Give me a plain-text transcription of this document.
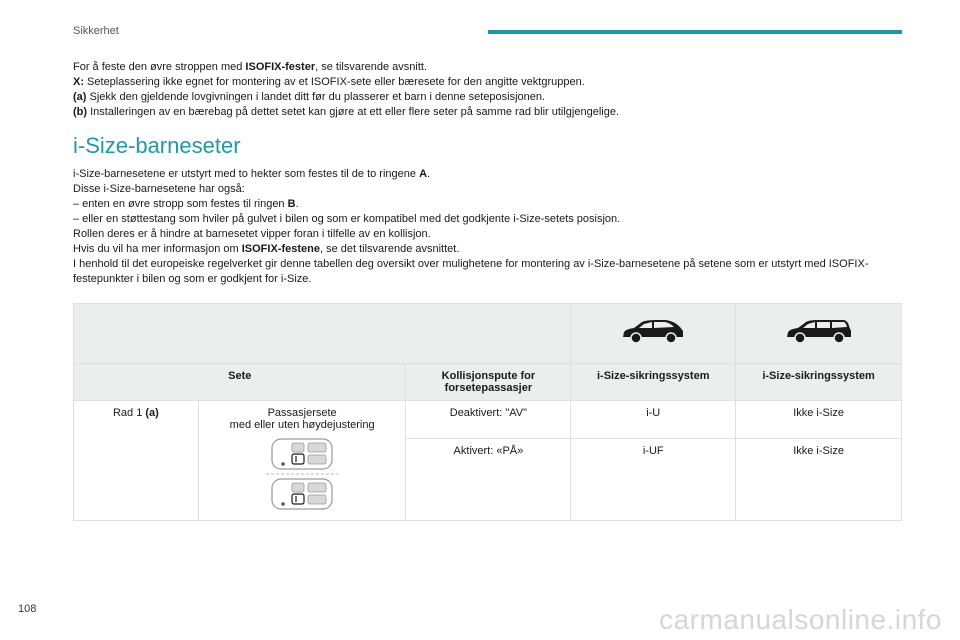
Sikkerhet

For å feste den øvre stroppen med ISOFIX-fester, se tilsvarende avsnitt.

X: Seteplassering ikke egnet for montering av et ISOFIX-sete eller bæresete for den angitte vektgruppen.

(a) Sjekk den gjeldende lovgivningen i landet ditt før du plasserer et barn i denne seteposisjonen.

(b) Installeringen av en bærebag på dettet setet kan gjøre at ett eller flere seter på samme rad blir utilgjengelige.

i-Size-barneseter

i-Size-barnesetene er utstyrt med to hekter som festes til de to ringene A.

Disse i-Size-barnesetene har også:

– enten en øvre stropp som festes til ringen B.

– eller en støttestang som hviler på gulvet i bilen og som er kompatibel med det godkjente i-Size-setets posisjon.

Rollen deres er å hindre at barnesetet vipper foran i tilfelle av en kollisjon.

Hvis du vil ha mer informasjon om ISOFIX-festene, se det tilsvarende avsnittet.

I henhold til det europeiske regelverket gir denne tabellen deg oversikt over mulighetene for montering av i-Size-barnesetene på setene som er utstyrt med ISOFIX-festepunkter i bilen og som er godkjent for i-Size.

Sete		Kollisjonspute for forsetepassasjer	i-Size-sikringssystem	i-Size-sikringssystem
Rad 1 (a)	Passasjersete
med eller uten høydejustering	Deaktivert: "AV"	i-U	Ikke i-Size
		Aktivert: «PÅ»	i-UF	Ikke i-Size
108	carmanualsonline.info
